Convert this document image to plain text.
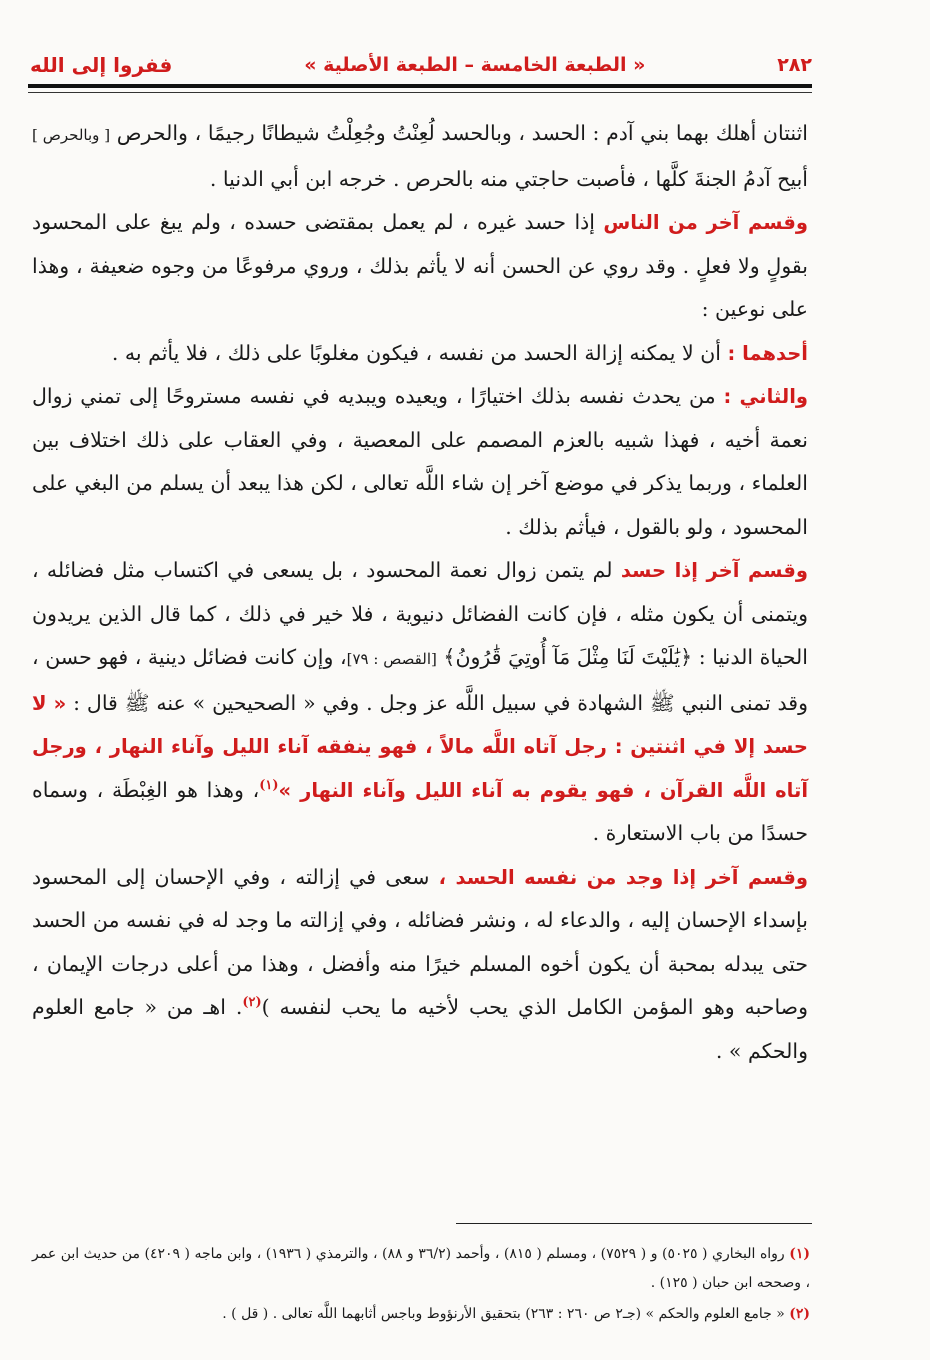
٢٨٢
« الطبعة الخامسة – الطبعة الأصلية »
ففروا إلى الله

اثنتان أهلك بهما بني آدم : الحسد ، وبالحسد لُعِنْتُ وجُعِلْتُ شيطانًا رجيمًا ، والحرص [ وبالحرص ] أبيح آدمُ الجنةَ كلَّها ، فأصبت حاجتي منه بالحرص . خرجه ابن أبي الدنيا .

وقسم آخر من الناس إذا حسد غيره ، لم يعمل بمقتضى حسده ، ولم يبغ على المحسود بقولٍ ولا فعلٍ . وقد روي عن الحسن أنه لا يأثم بذلك ، وروي مرفوعًا من وجوه ضعيفة ، وهذا على نوعين :

أحدهما : أن لا يمكنه إزالة الحسد من نفسه ، فيكون مغلوبًا على ذلك ، فلا يأثم به .

والثاني : من يحدث نفسه بذلك اختيارًا ، ويعيده ويبديه في نفسه مستروحًا إلى تمني زوال نعمة أخيه ، فهذا شبيه بالعزم المصمم على المعصية ، وفي العقاب على ذلك اختلاف بين العلماء ، وربما يذكر في موضع آخر إن شاء اللَّه تعالى ، لكن هذا يبعد أن يسلم من البغي على المحسود ، ولو بالقول ، فيأثم بذلك .

وقسم آخر إذا حسد لم يتمن زوال نعمة المحسود ، بل يسعى في اكتساب مثل فضائله ، ويتمنى أن يكون مثله ، فإن كانت الفضائل دنيوية ، فلا خير في ذلك ، كما قال الذين يريدون الحياة الدنيا : ﴿يَٰلَيْتَ لَنَا مِثْلَ مَآ أُوتِيَ قَٰرُونُ﴾ [القصص : ٧٩]، وإن كانت فضائل دينية ، فهو حسن ، وقد تمنى النبي ﷺ الشهادة في سبيل اللَّه عز وجل . وفي « الصحيحين » عنه ﷺ قال : « لا حسد إلا في اثنتين : رجل آتاه اللَّه مالاً ، فهو ينفقه آناء الليل وآناء النهار ، ورجل آتاه اللَّه القرآن ، فهو يقوم به آناء الليل وآناء النهار »$^{(١)}$، وهذا هو الغِبْطَة ، وسماه حسدًا من باب الاستعارة .

وقسم آخر إذا وجد من نفسه الحسد ، سعى في إزالته ، وفي الإحسان إلى المحسود بإسداء الإحسان إليه ، والدعاء له ، ونشر فضائله ، وفي إزالته ما وجد له في نفسه من الحسد حتى يبدله بمحبة أن يكون أخوه المسلم خيرًا منه وأفضل ، وهذا من أعلى درجات الإيمان ، وصاحبه وهو المؤمن الكامل الذي يحب لأخيه ما يحب لنفسه )$^{(٢)}$. اهـ من « جامع العلوم والحكم » .

(١) رواه البخاري ( ٥٠٢٥) و ( ٧٥٢٩) ، ومسلم ( ٨١٥) ، وأحمد (٣٦/٢ و ٨٨) ، والترمذي ( ١٩٣٦) ، وابن ماجه ( ٤٢٠٩) من حديث ابن عمر ، وصححه ابن حبان ( ١٢٥) .

(٢) « جامع العلوم والحكم » (جـ٢ ص ٢٦٠ : ٢٦٣) بتحقيق الأرنؤوط وباجس أثابهما اللَّه تعالى . ( قل ) .
